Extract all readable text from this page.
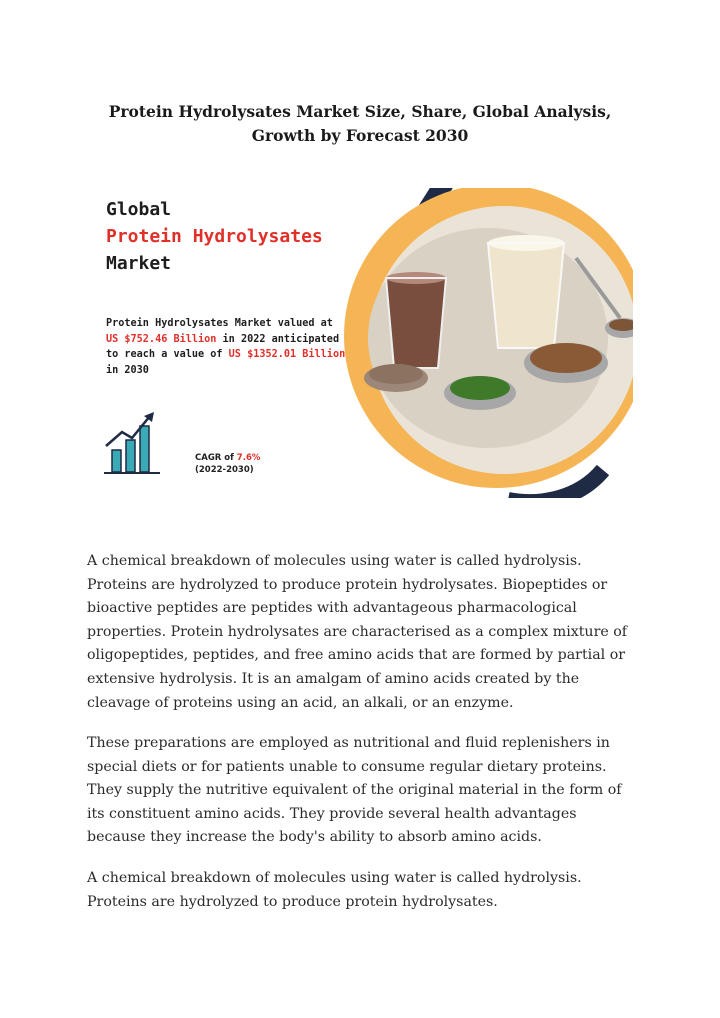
Protein Hydrolysates Market Size, Share, Global Analysis, Growth by Forecast 2030
Global
Protein Hydrolysates
Market
Protein Hydrolysates Market valued at US $752.46 Billion in 2022 anticipated to reach a value of US $1352.01 Billion in 2030
CAGR of 7.6%
(2022-2030)
A chemical breakdown of molecules using water is called hydrolysis. Proteins are hydrolyzed to produce protein hydrolysates. Biopeptides or bioactive peptides are peptides with advantageous pharmacological properties. Protein hydrolysates are characterised as a complex mixture of oligopeptides, peptides, and free amino acids that are formed by partial or extensive hydrolysis. It is an amalgam of amino acids created by the cleavage of proteins using an acid, an alkali, or an enzyme.
These preparations are employed as nutritional and fluid replenishers in special diets or for patients unable to consume regular dietary proteins. They supply the nutritive equivalent of the original material in the form of its constituent amino acids. They provide several health advantages because they increase the body's ability to absorb amino acids.
A chemical breakdown of molecules using water is called hydrolysis. Proteins are hydrolyzed to produce protein hydrolysates.
